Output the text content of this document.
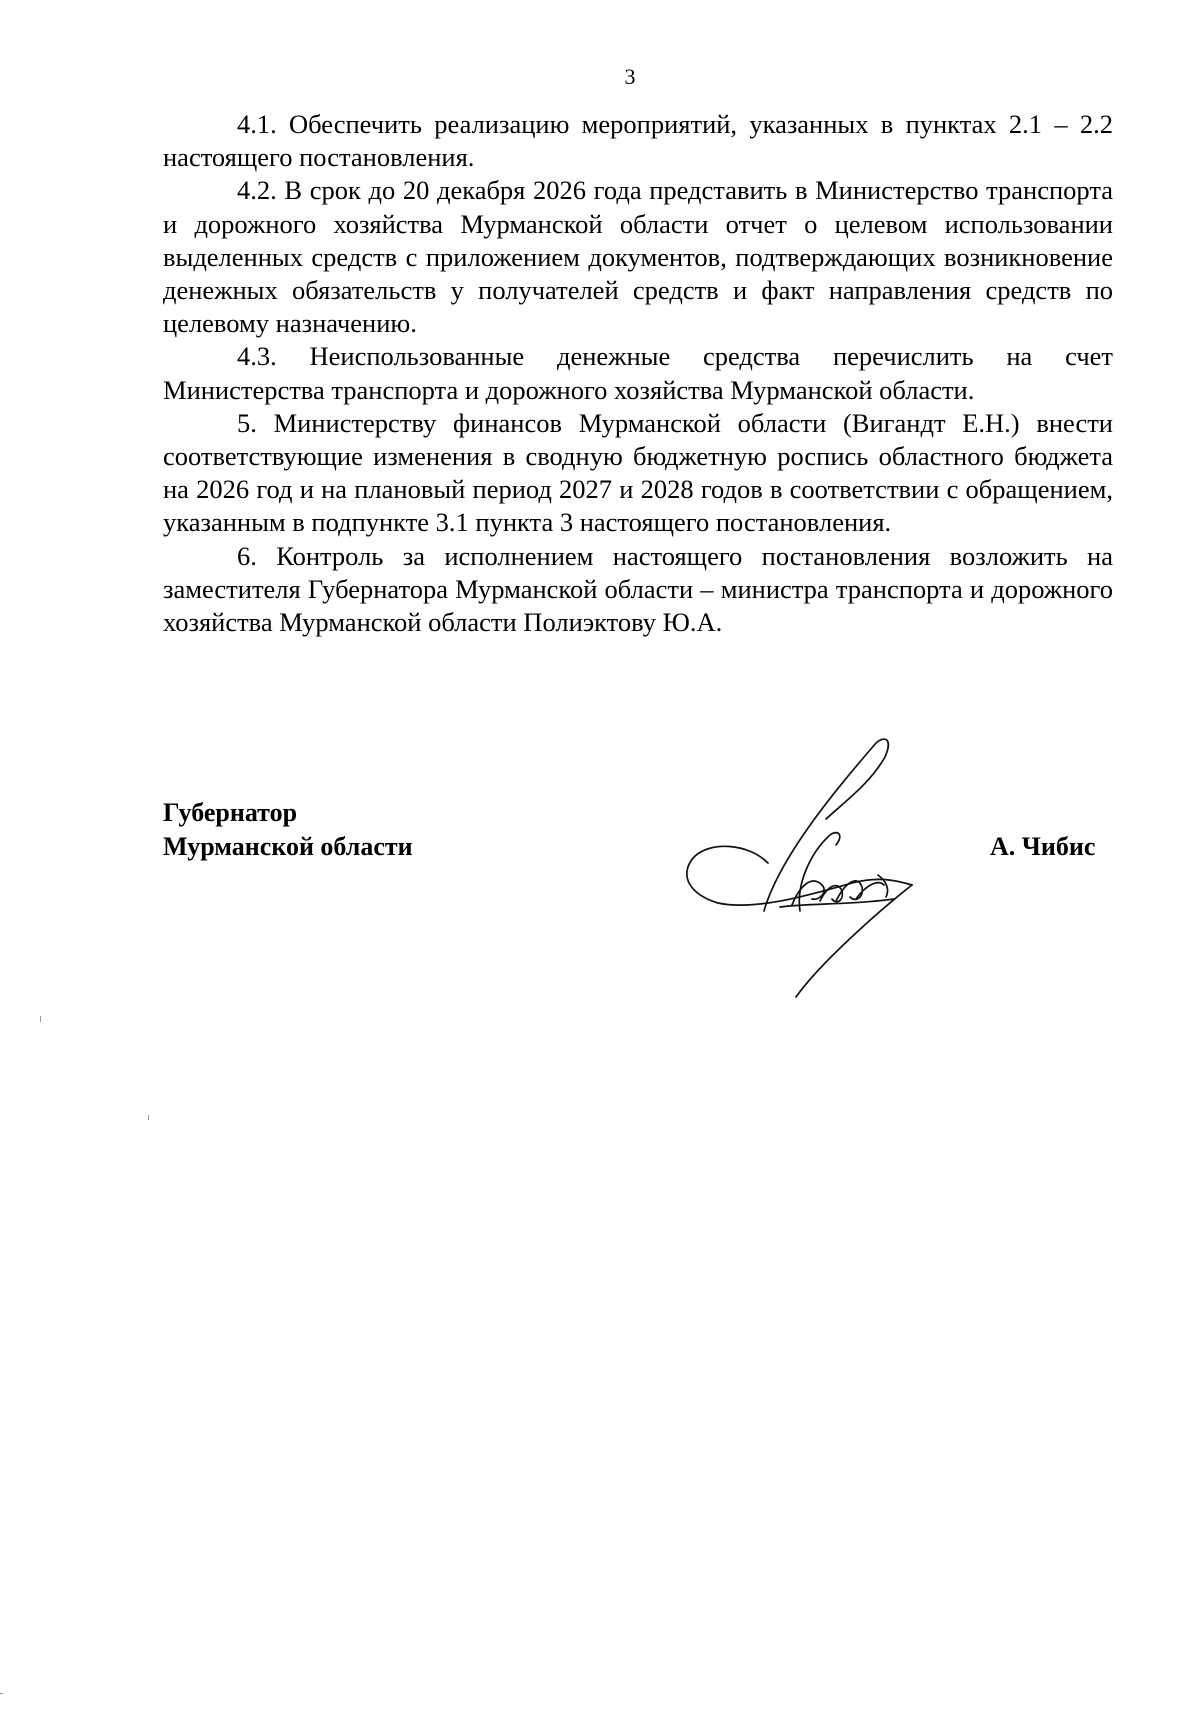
3

4.1. Обеспечить реализацию мероприятий, указанных в пунктах 2.1 – 2.2 настоящего постановления.

4.2. В срок до 20 декабря 2026 года представить в Министерство транспорта и дорожного хозяйства Мурманской области отчет о целевом использовании выделенных средств с приложением документов, подтверждающих возникновение денежных обязательств у получателей средств и факт направления средств по целевому назначению.

4.3. Неиспользованные денежные средства перечислить на счет Министерства транспорта и дорожного хозяйства Мурманской области.

5. Министерству финансов Мурманской области (Вигандт Е.Н.) внести соответствующие изменения в сводную бюджетную роспись областного бюджета на 2026 год и на плановый период 2027 и 2028 годов в соответствии с обращением, указанным в подпункте 3.1 пункта 3 настоящего постановления.

6. Контроль за исполнением настоящего постановления возложить на заместителя Губернатора Мурманской области – министра транспорта и дорожного хозяйства Мурманской области Полиэктову Ю.А.

Губернатор
Мурманской области	А. Чибис
